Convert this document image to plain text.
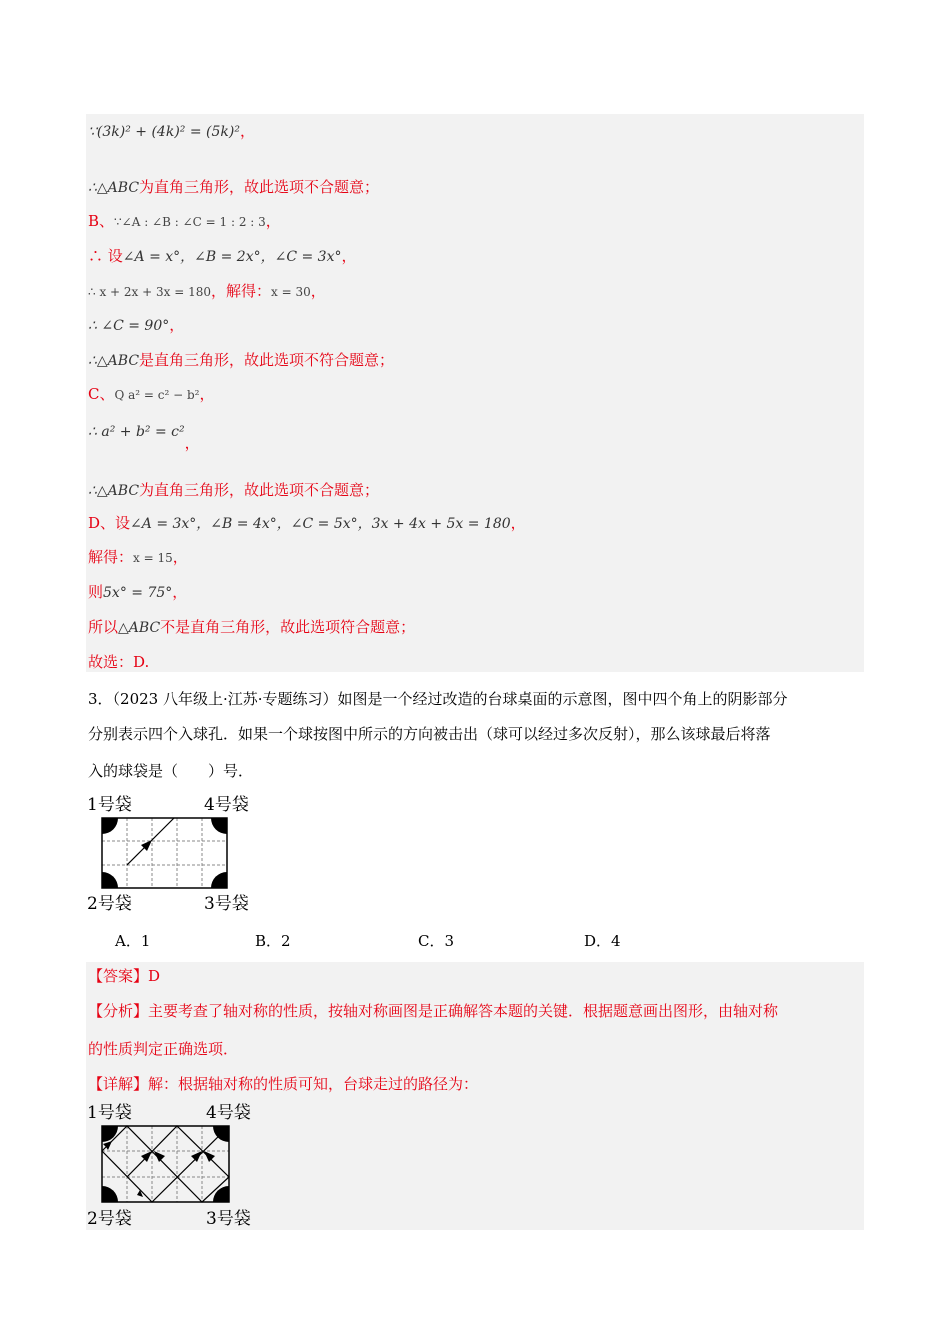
∵(3k)² + (4k)² = (5k)²，
∴△ABC为直角三角形，故此选项不合题意；
B、∵∠A : ∠B : ∠C = 1 : 2 : 3，
∴ 设∠A = x°，∠B = 2x°，∠C = 3x°，
∴ x + 2x + 3x = 180，解得：x = 30，
∴ ∠C = 90°，
∴△ABC是直角三角形，故此选项不符合题意；
C、Q a² = c² − b²，
∴ a² + b² = c²，
∴△ABC为直角三角形，故此选项不合题意；
D、设∠A = 3x°，∠B = 4x°，∠C = 5x°，3x + 4x + 5x = 180，
解得：x = 15，
则5x° = 75°，
所以△ABC不是直角三角形，故此选项符合题意；
故选：D.
3．（2023 八年级上·江苏·专题练习）如图是一个经过改造的台球桌面的示意图，图中四个角上的阴影部分
分别表示四个入球孔．如果一个球按图中所示的方向被击出（球可以经过多次反射），那么该球最后将落
入的球袋是（　　）号．
1号袋	4号袋
2号袋	3号袋
A．1	B．2	C．3	D．4
【答案】D
【分析】主要考查了轴对称的性质，按轴对称画图是正确解答本题的关键．根据题意画出图形，由轴对称
的性质判定正确选项．
【详解】解：根据轴对称的性质可知，台球走过的路径为：
1号袋	4号袋
2号袋	3号袋
